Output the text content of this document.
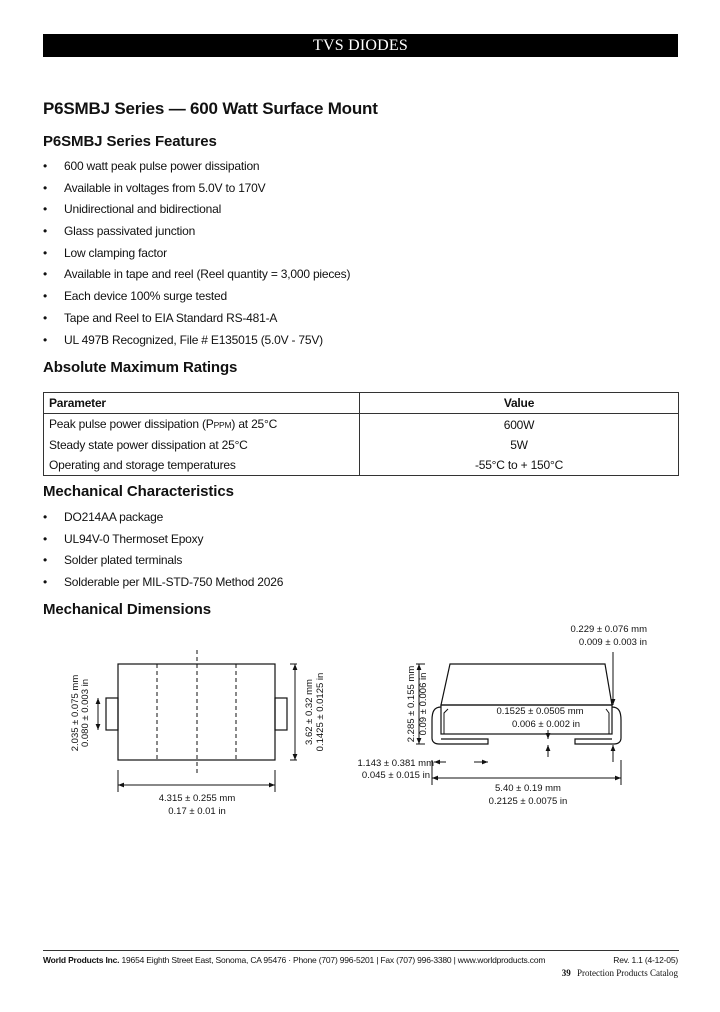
TVS DIODES
P6SMBJ Series — 600 Watt Surface Mount
P6SMBJ Series Features
• 600 watt peak pulse power dissipation
• Available in voltages from 5.0V to 170V
• Unidirectional and bidirectional
• Glass passivated junction
• Low clamping factor
• Available in tape and reel (Reel quantity = 3,000 pieces)
• Each device 100% surge tested
• Tape and Reel to EIA Standard RS-481-A
• UL 497B Recognized, File # E135015 (5.0V - 75V)
Absolute Maximum Ratings
Parameter	Value
Peak pulse power dissipation (PPPM) at 25°C	600W
Steady state power dissipation at 25°C	5W
Operating and storage temperatures	-55°C to + 150°C
Mechanical Characteristics
• DO214AA package
• UL94V-0 Thermoset Epoxy
• Solder plated terminals
• Solderable per MIL-STD-750 Method 2026
Mechanical Dimensions
2.035 ± 0.075 mm 0.080 ± 0.003 in	3.62 ± 0.32 mm 0.1425 ± 0.0125 in
4.315 ± 0.255 mm
0.17 ± 0.01 in
0.229 ± 0.076 mm
0.009 ± 0.003 in
2.285 ± 0.155 mm 0.09 ± 0.006 in	0.1525 ± 0.0505 mm
0.006 ± 0.002 in
1.143 ± 0.381 mm
0.045 ± 0.015 in
5.40 ± 0.19 mm
0.2125 ± 0.0075 in
World Products Inc. 19654 Eighth Street East, Sonoma, CA 95476 · Phone (707) 996-5201 | Fax (707) 996-3380 | www.worldproducts.com	Rev. 1.1 (4-12-05)
39 Protection Products Catalog
